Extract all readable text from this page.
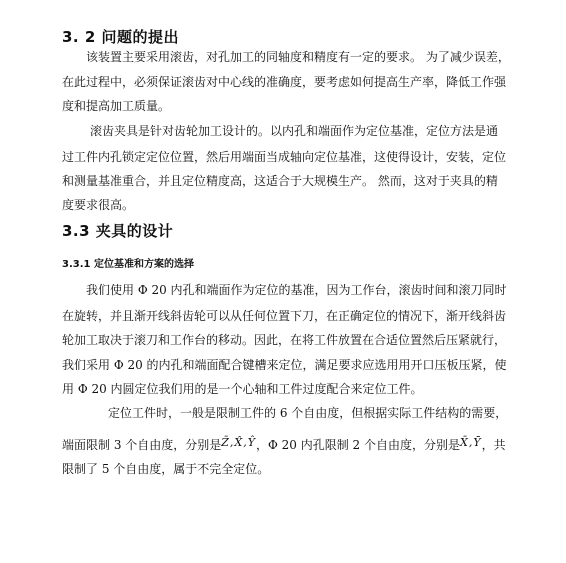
3. 2 问题的提出
该装置主要采用滚齿，对孔加工的同轴度和精度有一定的要求。 为了减少误差，
在此过程中，必须保证滚齿对中心线的准确度，要考虑如何提高生产率，降低工作强
度和提高加工质量。
滚齿夹具是针对齿轮加工设计的。以内孔和端面作为定位基准，定位方法是通
过工件内孔锁定定位位置，然后用端面当成轴向定位基准，这使得设计，安装，定位
和测量基准重合，并且定位精度高，这适合于大规模生产。 然而，这对于夹具的精
度要求很高。
3.3 夹具的设计
3.3.1 定位基准和方案的选择
我们使用 Φ 20 内孔和端面作为定位的基准，因为工作台，滚齿时间和滚刀同时
在旋转，并且渐开线斜齿轮可以从任何位置下刀，在正确定位的情况下，渐开线斜齿
轮加工取决于滚刀和工作台的移动。因此，在将工件放置在合适位置然后压紧就行，
我们采用 Φ 20 的内孔和端面配合键槽来定位，满足要求应选用用开口压板压紧，使
用 Φ 20 内圆定位我们用的是一个心轴和工件过度配合来定位工件。
定位工件时，一般是限制工件的 6 个自由度，但根据实际工件结构的需要，
端面限制 3 个自由度，分别是Z̄,X̂,Ŷ，Φ 20 内孔限制 2 个自由度，分别是X̄,Ȳ，共
限制了 5 个自由度，属于不完全定位。
